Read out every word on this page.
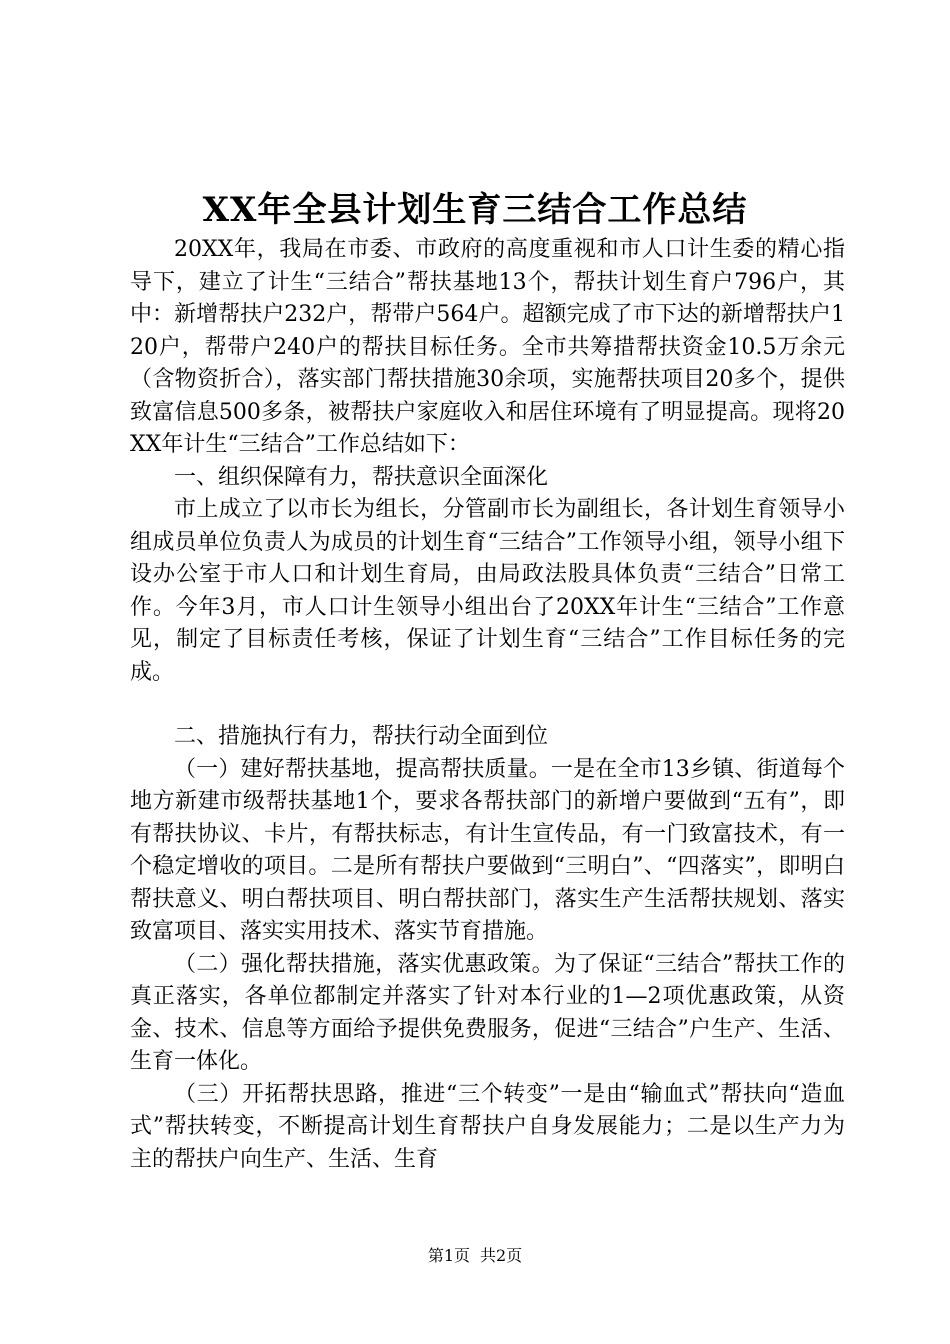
XX年全县计划生育三结合工作总结

20XX年，我局在市委、市政府的高度重视和市人口计生委的精心指导下，建立了计生“三结合”帮扶基地13个，帮扶计划生育户796户，其中：新增帮扶户232户，帮带户564户。超额完成了市下达的新增帮扶户120户，帮带户240户的帮扶目标任务。全市共筹措帮扶资金10.5万余元（含物资折合），落实部门帮扶措施30余项，实施帮扶项目20多个，提供致富信息500多条，被帮扶户家庭收入和居住环境有了明显提高。现将20XX年计生“三结合”工作总结如下：

一、组织保障有力，帮扶意识全面深化

市上成立了以市长为组长，分管副市长为副组长，各计划生育领导小组成员单位负责人为成员的计划生育“三结合”工作领导小组，领导小组下设办公室于市人口和计划生育局，由局政法股具体负责“三结合”日常工作。今年3月，市人口计生领导小组出台了20XX年计生“三结合”工作意见，制定了目标责任考核，保证了计划生育“三结合”工作目标任务的完成。

二、措施执行有力，帮扶行动全面到位

（一）建好帮扶基地，提高帮扶质量。一是在全市13乡镇、街道每个地方新建市级帮扶基地1个，要求各帮扶部门的新增户要做到“五有”，即有帮扶协议、卡片，有帮扶标志，有计生宣传品，有一门致富技术，有一个稳定增收的项目。二是所有帮扶户要做到“三明白”、“四落实”，即明白帮扶意义、明白帮扶项目、明白帮扶部门，落实生产生活帮扶规划、落实致富项目、落实实用技术、落实节育措施。

（二）强化帮扶措施，落实优惠政策。为了保证“三结合”帮扶工作的真正落实，各单位都制定并落实了针对本行业的1—2项优惠政策，从资金、技术、信息等方面给予提供免费服务，促进“三结合”户生产、生活、生育一体化。

（三）开拓帮扶思路，推进“三个转变”一是由“输血式”帮扶向“造血式”帮扶转变，不断提高计划生育帮扶户自身发展能力；二是以生产力为主的帮扶户向生产、生活、生育

第1页 共2页
